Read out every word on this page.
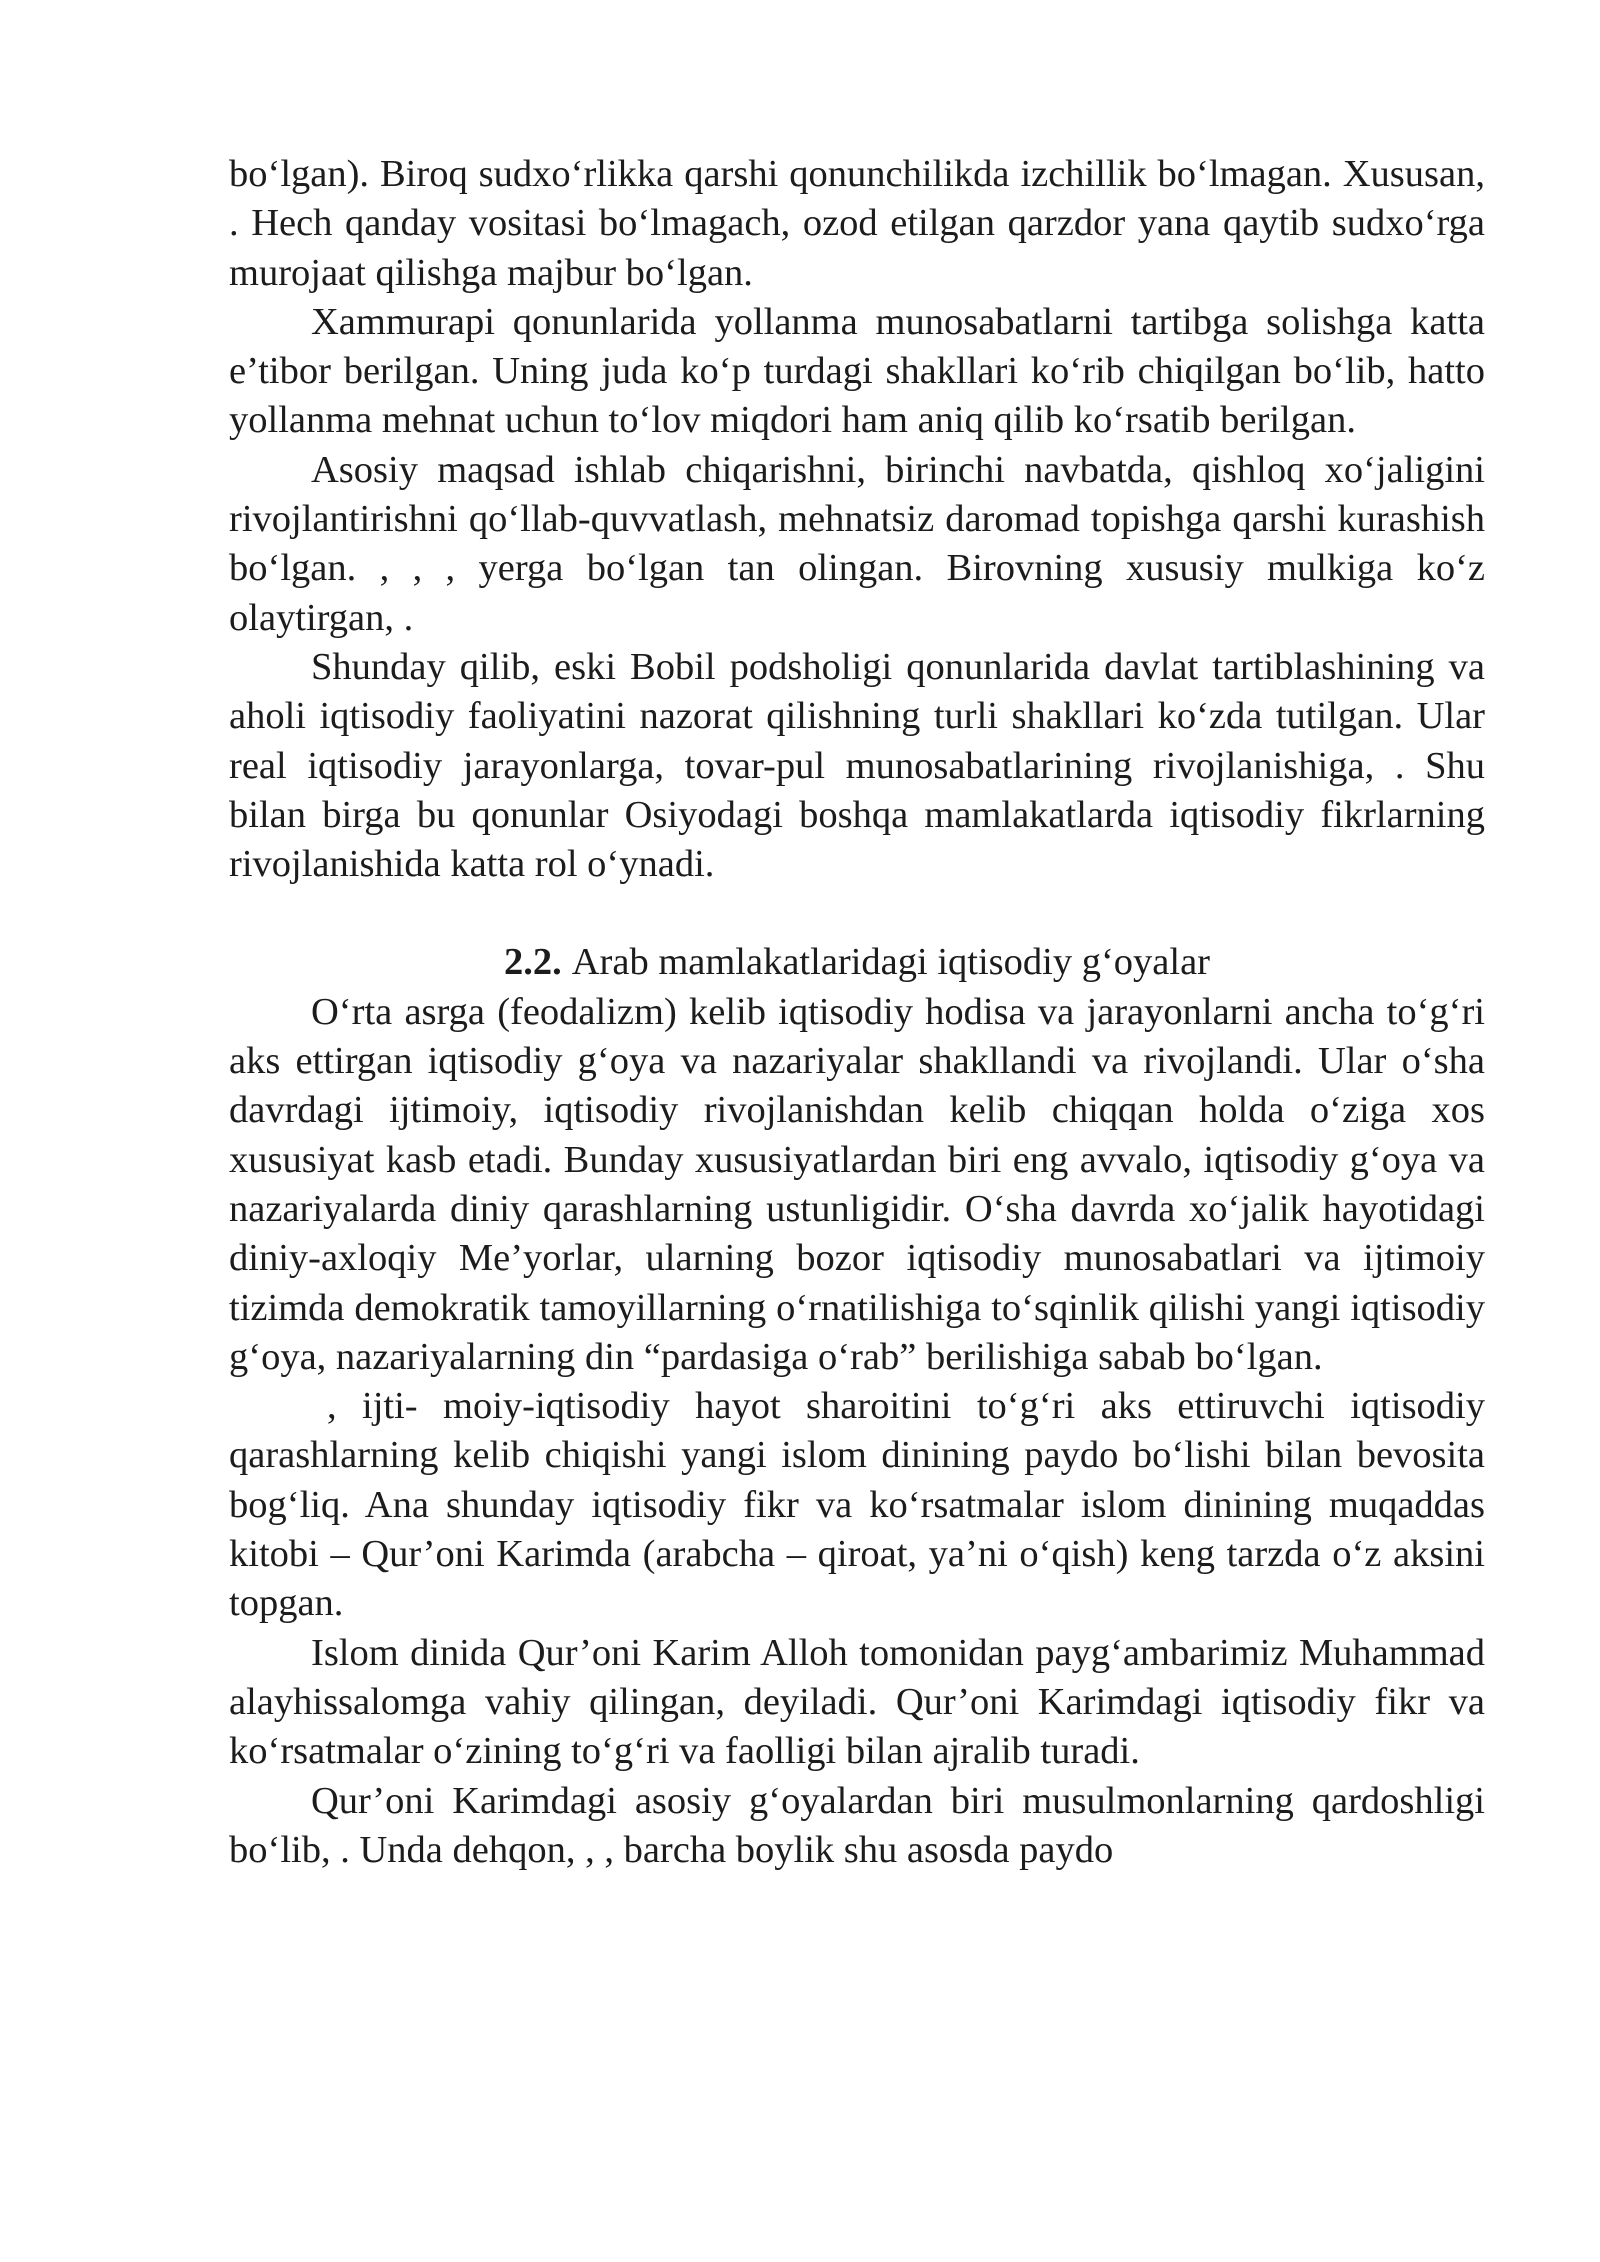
bo‘lgan). Biroq sudxo‘rlikka qarshi qonunchilikda izchillik bo‘lmagan. Xususan, . Hech qanday vositasi bo‘lmagach, ozod etilgan qarzdor yana qaytib sudxo‘rga murojaat qilishga majbur bo‘lgan.

Xammurapi qonunlarida yollanma munosabatlarni tartibga solishga katta e’tibor berilgan. Uning juda ko‘p turdagi shakllari ko‘rib chiqilgan bo‘lib, hatto yollanma mehnat uchun to‘lov miqdori ham aniq qilib ko‘rsatib berilgan.

Asosiy maqsad ishlab chiqarishni, birinchi navbatda, qishloq xo‘jaligini rivojlantirishni qo‘llab-quvvatlash, mehnatsiz daromad topishga qarshi kurashish bo‘lgan. , , , yerga bo‘lgan tan olingan. Birovning xususiy mulkiga ko‘z olaytirgan, .

Shunday qilib, eski Bobil podsholigi qonunlarida davlat tartiblashining va aholi iqtisodiy faoliyatini nazorat qilishning turli shakllari ko‘zda tutilgan. Ular real iqtisodiy jarayonlarga, tovar-pul munosabatlarining rivojlanishiga, . Shu bilan birga bu qonunlar Osiyodagi boshqa mamlakatlarda iqtisodiy fikrlarning rivojlanishida katta rol o‘ynadi.

2.2. Arab mamlakatlaridagi iqtisodiy g‘oyalar

O‘rta asrga (feodalizm) kelib iqtisodiy hodisa va jarayonlarni ancha to‘g‘ri aks ettirgan iqtisodiy g‘oya va nazariyalar shakllandi va rivojlandi. Ular o‘sha davrdagi ijtimoiy, iqtisodiy rivojlanishdan kelib chiqqan holda o‘ziga xos xususiyat kasb etadi. Bunday xususiyatlardan biri eng avvalo, iqtisodiy g‘oya va nazariyalarda diniy qarashlarning ustunligidir. O‘sha davrda xo‘jalik hayotidagi diniy-axloqiy Me’yorlar, ularning bozor iqtisodiy munosabatlari va ijtimoiy tizimda demokratik tamoyillarning o‘rnatilishiga to‘sqinlik qilishi yangi iqtisodiy g‘oya, nazariyalarning din “pardasiga o‘rab” berilishiga sabab bo‘lgan.

, ijti- moiy-iqtisodiy hayot sharoitini to‘g‘ri aks ettiruvchi iqtisodiy qarashlarning kelib chiqishi yangi islom dinining paydo bo‘lishi bilan bevosita bog‘liq. Ana shunday iqtisodiy fikr va ko‘rsatmalar islom dinining muqaddas kitobi – Qur’oni Karimda (arabcha – qiroat, ya’ni o‘qish) keng tarzda o‘z aksini topgan.

Islom dinida Qur’oni Karim Alloh tomonidan payg‘ambarimiz Muhammad alayhissalomga vahiy qilingan, deyiladi. Qur’oni Karimdagi iqtisodiy fikr va ko‘rsatmalar o‘zining to‘g‘ri va faolligi bilan ajralib turadi.

Qur’oni Karimdagi asosiy g‘oyalardan biri musulmonlarning qardoshligi bo‘lib, . Unda dehqon, , , barcha boylik shu asosda paydo
